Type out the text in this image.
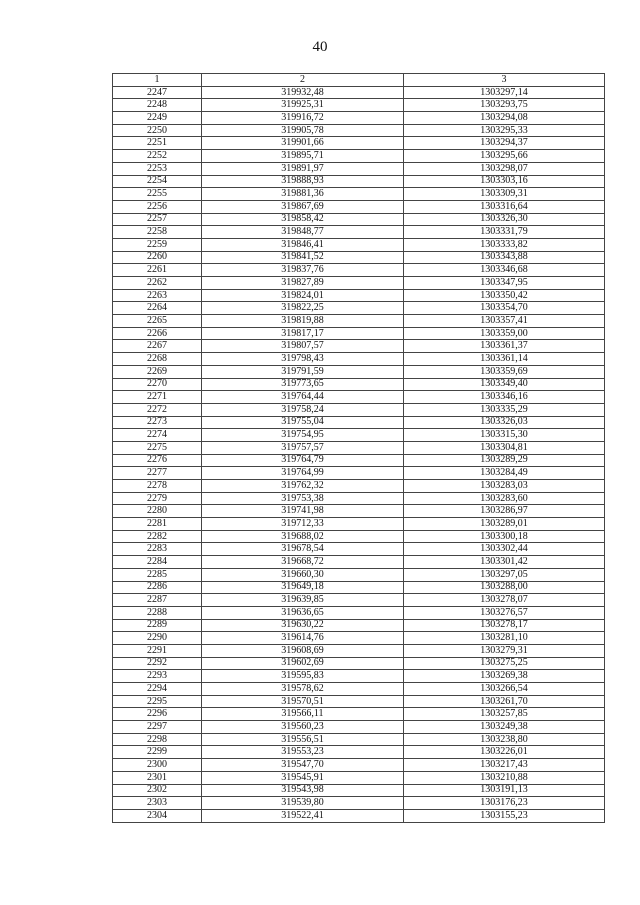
40
1	2	3
2247	319932,48	1303297,14
2248	319925,31	1303293,75
2249	319916,72	1303294,08
2250	319905,78	1303295,33
2251	319901,66	1303294,37
2252	319895,71	1303295,66
2253	319891,97	1303298,07
2254	319888,93	1303303,16
2255	319881,36	1303309,31
2256	319867,69	1303316,64
2257	319858,42	1303326,30
2258	319848,77	1303331,79
2259	319846,41	1303333,82
2260	319841,52	1303343,88
2261	319837,76	1303346,68
2262	319827,89	1303347,95
2263	319824,01	1303350,42
2264	319822,25	1303354,70
2265	319819,88	1303357,41
2266	319817,17	1303359,00
2267	319807,57	1303361,37
2268	319798,43	1303361,14
2269	319791,59	1303359,69
2270	319773,65	1303349,40
2271	319764,44	1303346,16
2272	319758,24	1303335,29
2273	319755,04	1303326,03
2274	319754,95	1303315,30
2275	319757,57	1303304,81
2276	319764,79	1303289,29
2277	319764,99	1303284,49
2278	319762,32	1303283,03
2279	319753,38	1303283,60
2280	319741,98	1303286,97
2281	319712,33	1303289,01
2282	319688,02	1303300,18
2283	319678,54	1303302,44
2284	319668,72	1303301,42
2285	319660,30	1303297,05
2286	319649,18	1303288,00
2287	319639,85	1303278,07
2288	319636,65	1303276,57
2289	319630,22	1303278,17
2290	319614,76	1303281,10
2291	319608,69	1303279,31
2292	319602,69	1303275,25
2293	319595,83	1303269,38
2294	319578,62	1303266,54
2295	319570,51	1303261,70
2296	319566,11	1303257,85
2297	319560,23	1303249,38
2298	319556,51	1303238,80
2299	319553,23	1303226,01
2300	319547,70	1303217,43
2301	319545,91	1303210,88
2302	319543,98	1303191,13
2303	319539,80	1303176,23
2304	319522,41	1303155,23
